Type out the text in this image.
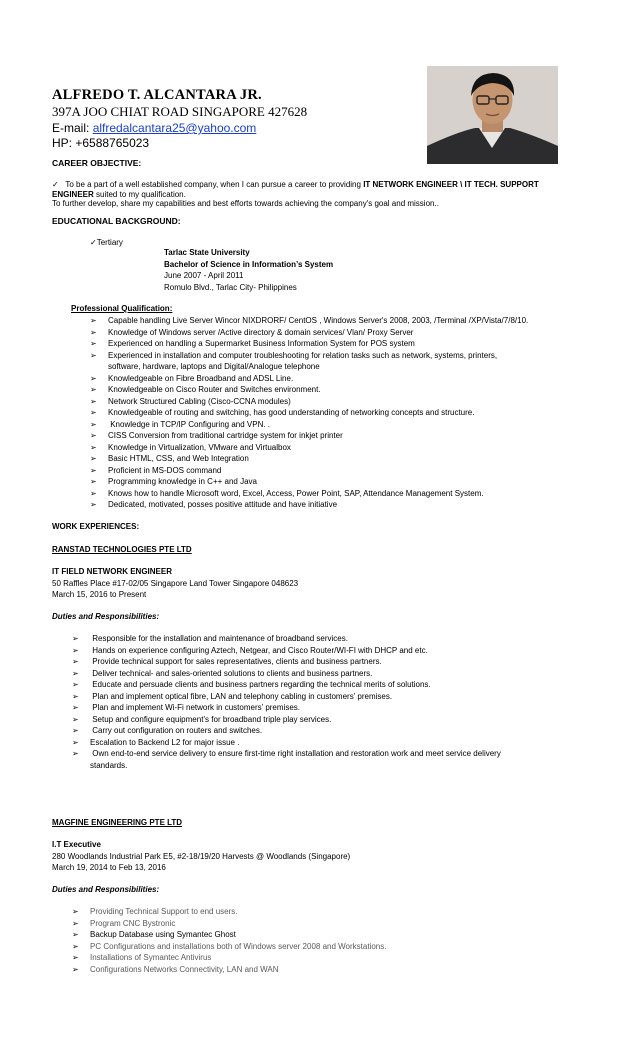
ALFREDO T. ALCANTARA JR.
397A JOO CHIAT ROAD SINGAPORE 427628
E-mail: alfredalcantara25@yahoo.com
HP: +6588765023
CAREER OBJECTIVE:
✓ To be a part of a well established company, when I can pursue a career to providing IT NETWORK ENGINEER \ IT TECH. SUPPORT
ENGINEER suited to my qualification.
To further develop, share my capabilities and best efforts towards achieving the company's goal and mission..
EDUCATIONAL BACKGROUND:
✓Tertiary
Tarlac State University
Bachelor of Science in Information’s System
June 2007 - April 2011
Romulo Blvd., Tarlac City- Philippines
Professional Qualification:
➢ Capable handling Live Server Wincor NIXDRORF/ CentOS , Windows Server's 2008, 2003, /Terminal /XP/Vista/7/8/10.
➢ Knowledge of Windows server /Active directory & domain services/ Vlan/ Proxy Server
➢ Experienced on handling a Supermarket Business Information System for POS system
➢ Experienced in installation and computer troubleshooting for relation tasks such as network, systems, printers,
software, hardware, laptops and Digital/Analogue telephone
➢ Knowledgeable on Fibre Broadband and ADSL Line.
➢ Knowledgeable on Cisco Router and Switches environment.
➢ Network Structured Cabling (Cisco-CCNA modules)
➢ Knowledgeable of routing and switching, has good understanding of networking concepts and structure.
➢ Knowledge in TCP/IP Configuring and VPN. .
➢ CISS Conversion from traditional cartridge system for inkjet printer
➢ Knowledge in Virtualization, VMware and Virtualbox
➢ Basic HTML, CSS, and Web Integration
➢ Proficient in MS-DOS command
➢ Programming knowledge in C++ and Java
➢ Knows how to handle Microsoft word, Excel, Access, Power Point, SAP, Attendance Management System.
➢ Dedicated, motivated, posses positive attitude and have initiative
WORK EXPERIENCES:
RANSTAD TECHNOLOGIES PTE LTD
IT FIELD NETWORK ENGINEER
50 Raffles Place #17-02/05 Singapore Land Tower Singapore 048623
March 15, 2016 to Present
Duties and Responsibilities:
➢ Responsible for the installation and maintenance of broadband services.
➢ Hands on experience configuring Aztech, Netgear, and Cisco Router/WI-FI with DHCP and etc.
➢ Provide technical support for sales representatives, clients and business partners.
➢ Deliver technical- and sales-oriented solutions to clients and business partners.
➢ Educate and persuade clients and business partners regarding the technical merits of solutions.
➢ Plan and implement optical fibre, LAN and telephony cabling in customers’ premises.
➢ Plan and implement Wi-Fi network in customers’ premises.
➢ Setup and configure equipment’s for broadband triple play services.
➢ Carry out configuration on routers and switches.
➢ Escalation to Backend L2 for major issue .
➢ Own end-to-end service delivery to ensure first-time right installation and restoration work and meet service delivery
standards.
MAGFINE ENGINEERING PTE LTD
I.T Executive
280 Woodlands Industrial Park E5, #2-18/19/20 Harvests @ Woodlands (Singapore)
March 19, 2014 to Feb 13, 2016
Duties and Responsibilities:
➢ Providing Technical Support to end users.
➢ Program CNC Bystronic
➢ Backup Database using Symantec Ghost
➢ PC Configurations and installations both of Windows server 2008 and Workstations.
➢ Installations of Symantec Antivirus
➢ Configurations Networks Connectivity, LAN and WAN
